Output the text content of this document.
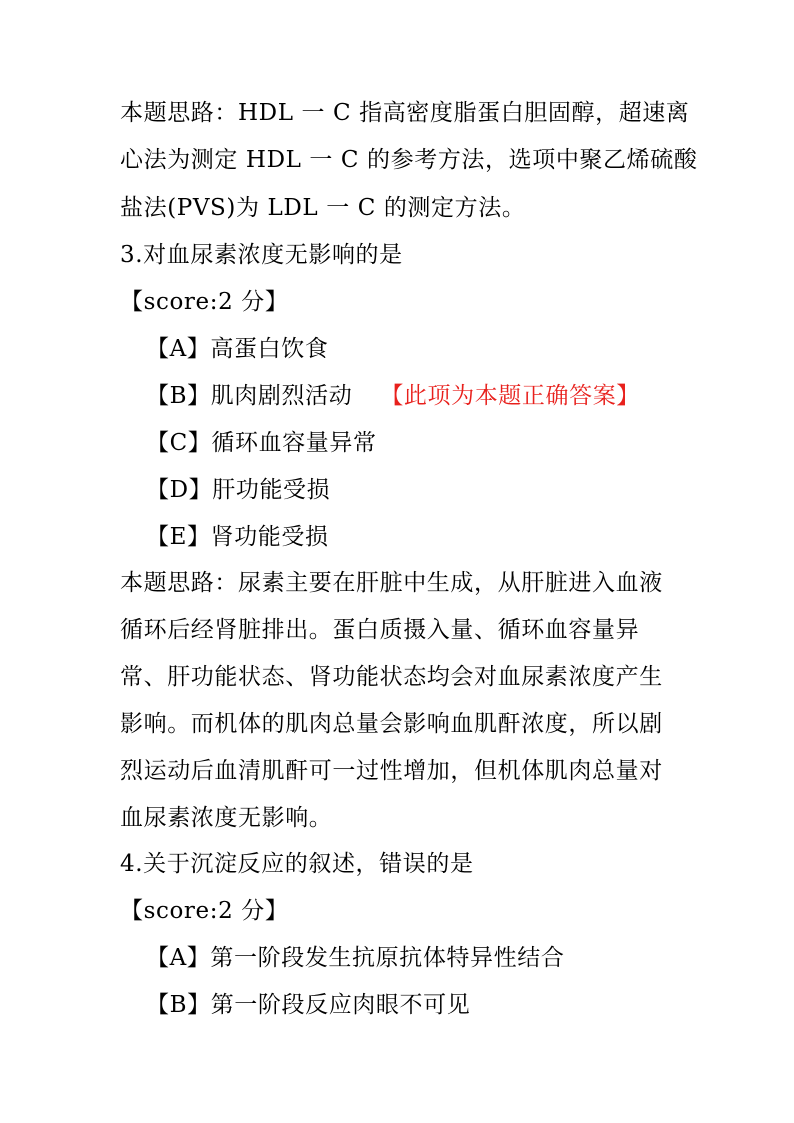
本题思路：HDL 一 C 指高密度脂蛋白胆固醇，超速离
心法为测定 HDL 一 C 的参考方法，选项中聚乙烯硫酸
盐法(PVS)为 LDL 一 C 的测定方法。
3.对血尿素浓度无影响的是
【score:2 分】
【A】高蛋白饮食
【B】肌肉剧烈活动 【此项为本题正确答案】
【C】循环血容量异常
【D】肝功能受损
【E】肾功能受损
本题思路：尿素主要在肝脏中生成，从肝脏进入血液
循环后经肾脏排出。蛋白质摄入量、循环血容量异
常、肝功能状态、肾功能状态均会对血尿素浓度产生
影响。而机体的肌肉总量会影响血肌酐浓度，所以剧
烈运动后血清肌酐可一过性增加，但机体肌肉总量对
血尿素浓度无影响。
4.关于沉淀反应的叙述，错误的是
【score:2 分】
【A】第一阶段发生抗原抗体特异性结合
【B】第一阶段反应肉眼不可见
